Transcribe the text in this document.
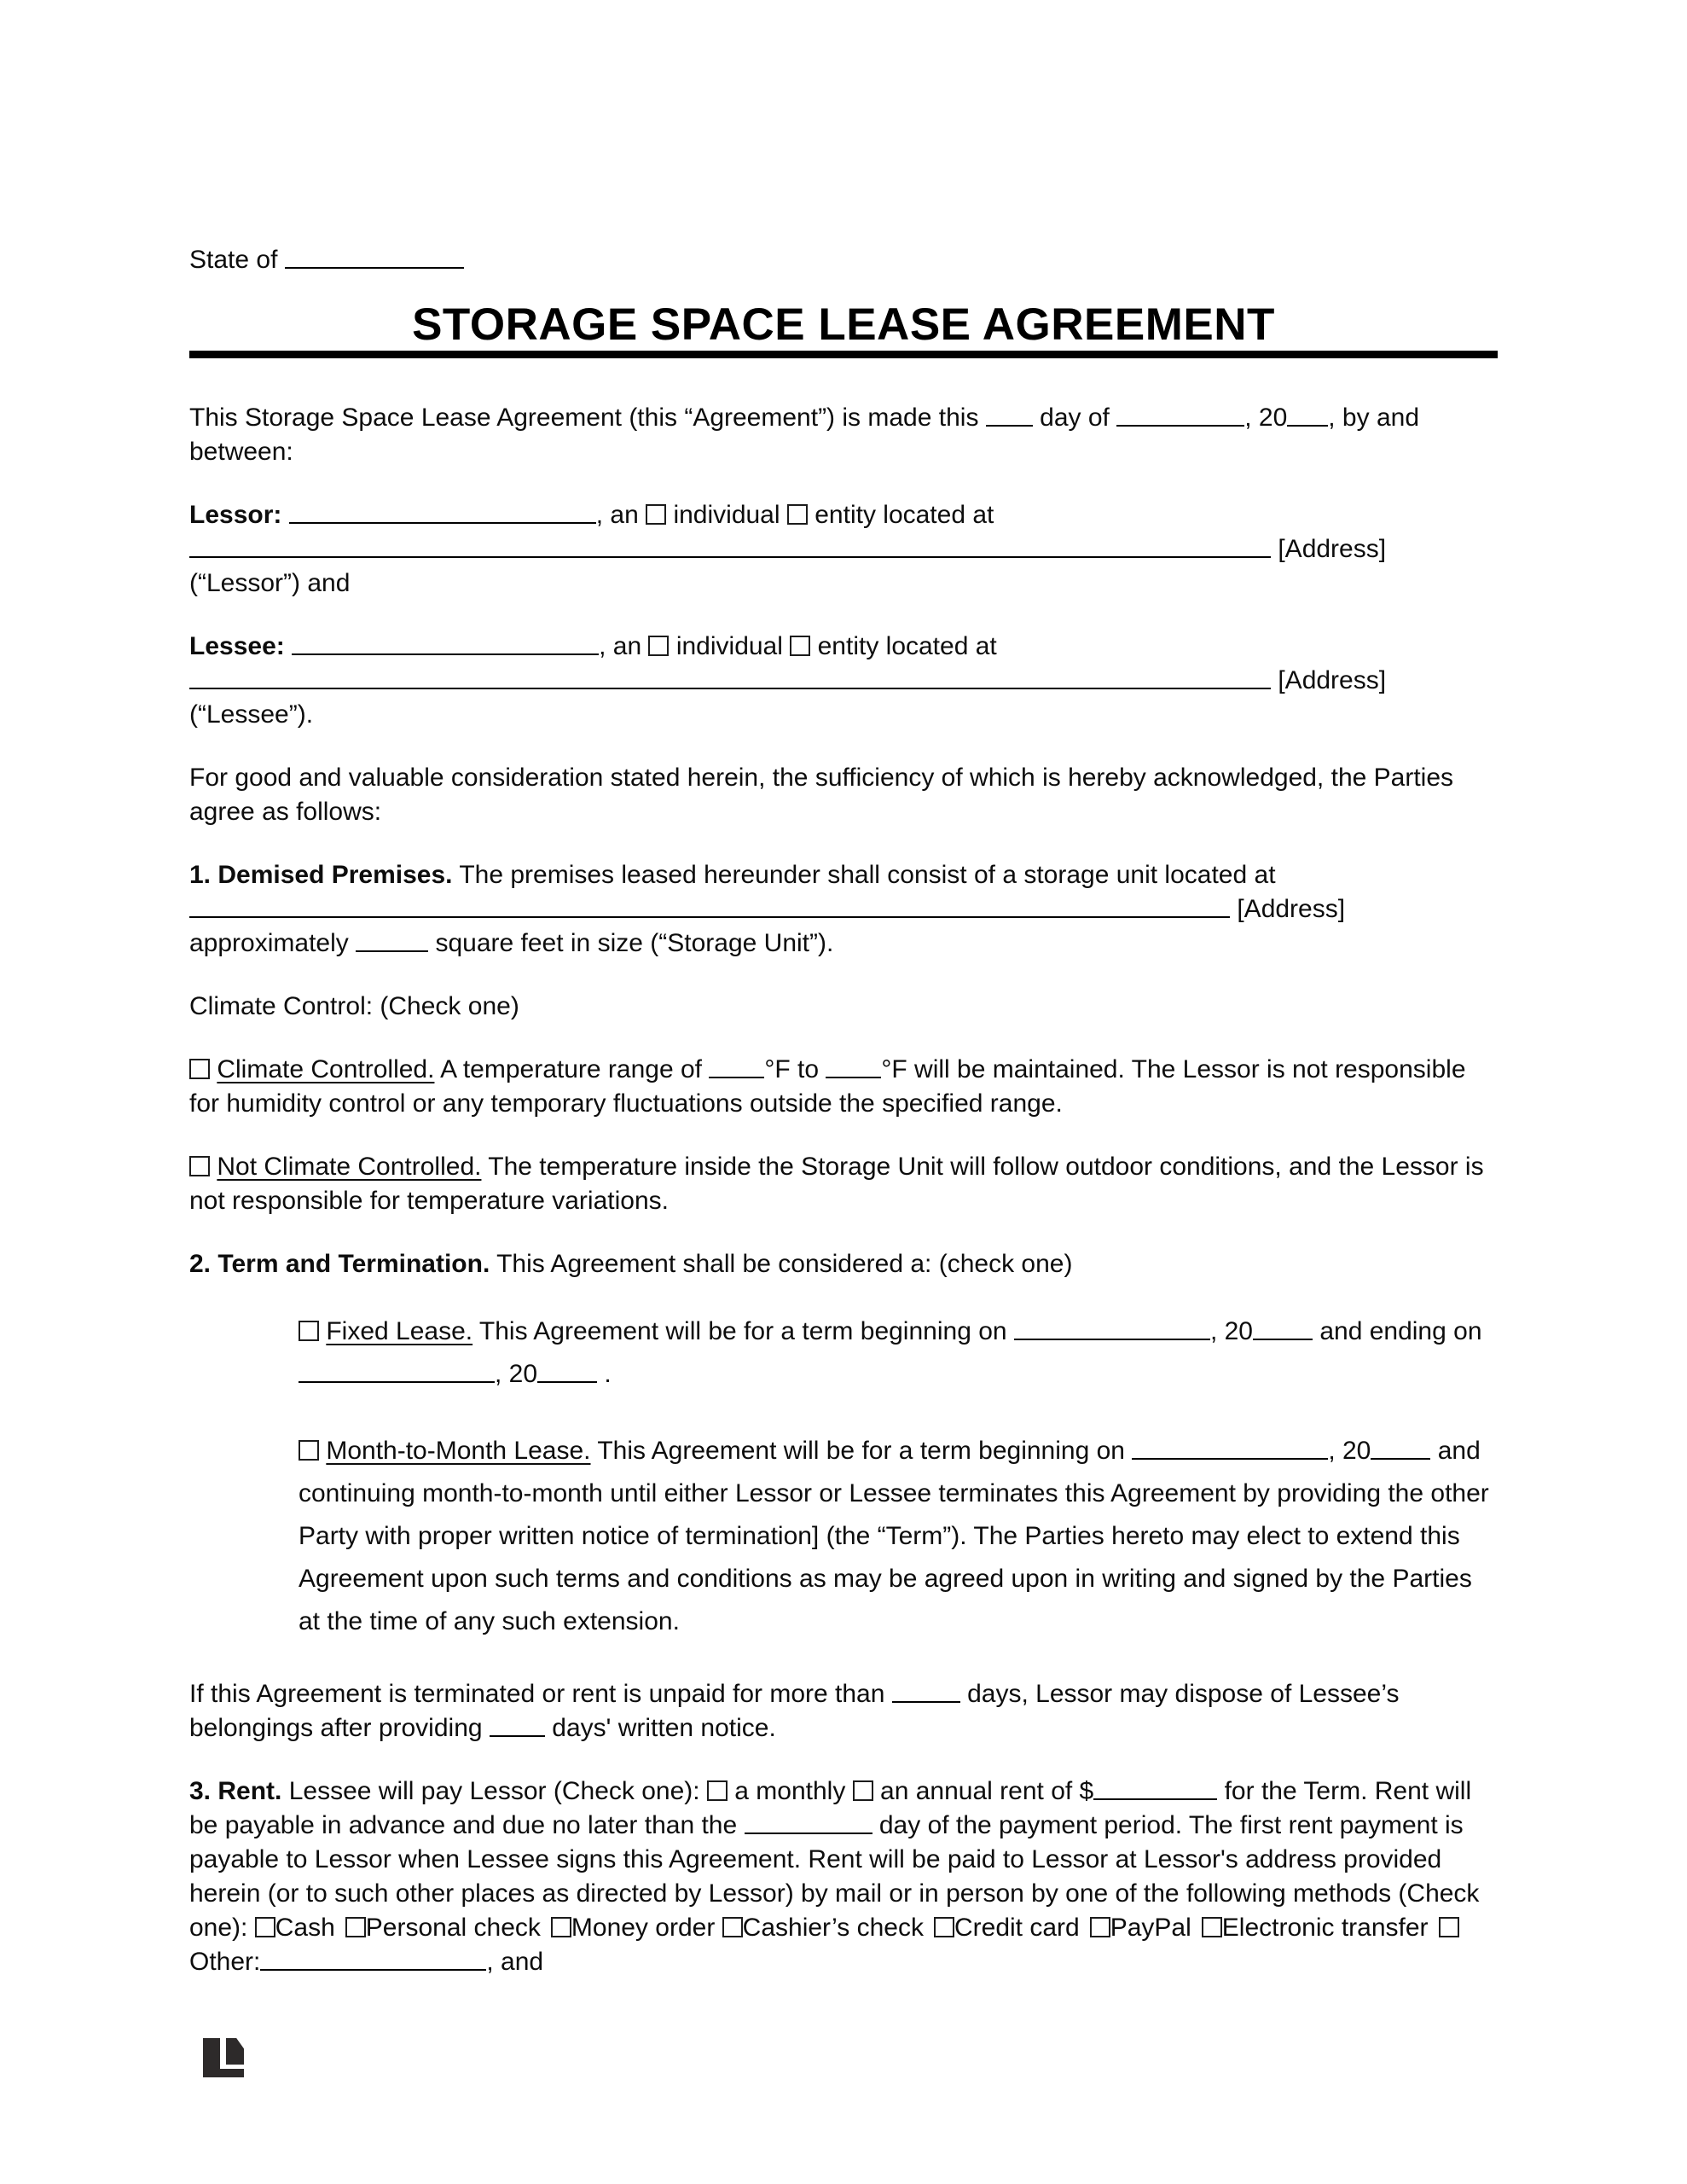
State of
STORAGE SPACE LEASE AGREEMENT
This Storage Space Lease Agreement (this “Agreement”) is made this day of	, 20 , by and between:
Lessor:	, an individual entity located at
[Address]
(“Lessor”) and
Lessee:	, an individual entity located at
[Address]
(“Lessee”).
For good and valuable consideration stated herein, the sufficiency of which is hereby acknowledged, the Parties agree as follows:
1. Demised Premises. The premises leased hereunder shall consist of a storage unit located at
[Address]
approximately	square feet in size (“Storage Unit”).
Climate Control: (Check one)
Climate Controlled. A temperature range of °F to °F will be maintained. The Lessor is not responsible for humidity control or any temporary fluctuations outside the specified range.
Not Climate Controlled. The temperature inside the Storage Unit will follow outdoor conditions, and the Lessor is not responsible for temperature variations.
2. Term and Termination. This Agreement shall be considered a: (check one)
Fixed Lease. This Agreement will be for a term beginning on	, 20	and ending on , 20	.
Month-to-Month Lease. This Agreement will be for a term beginning on	, 20	and continuing month-to-month until either Lessor or Lessee terminates this Agreement by providing the other Party with proper written notice of termination] (the “Term”). The Parties hereto may elect to extend this Agreement upon such terms and conditions as may be agreed upon in writing and signed by the Parties at the time of any such extension.
If this Agreement is terminated or rent is unpaid for more than	days, Lessor may dispose of Lessee’s belongings after providing	days' written notice.
3. Rent. Lessee will pay Lessor (Check one): a monthly an annual rent of $	for the Term. Rent will be payable in advance and due no later than the	day of the payment period. The first rent payment is payable to Lessor when Lessee signs this Agreement. Rent will be paid to Lessor at Lessor's address provided herein (or to such other places as directed by Lessor) by mail or in person by one of the following methods (Check one): Cash Personal check Money order Cashier’s check Credit card PayPal Electronic transferOther:	, and
